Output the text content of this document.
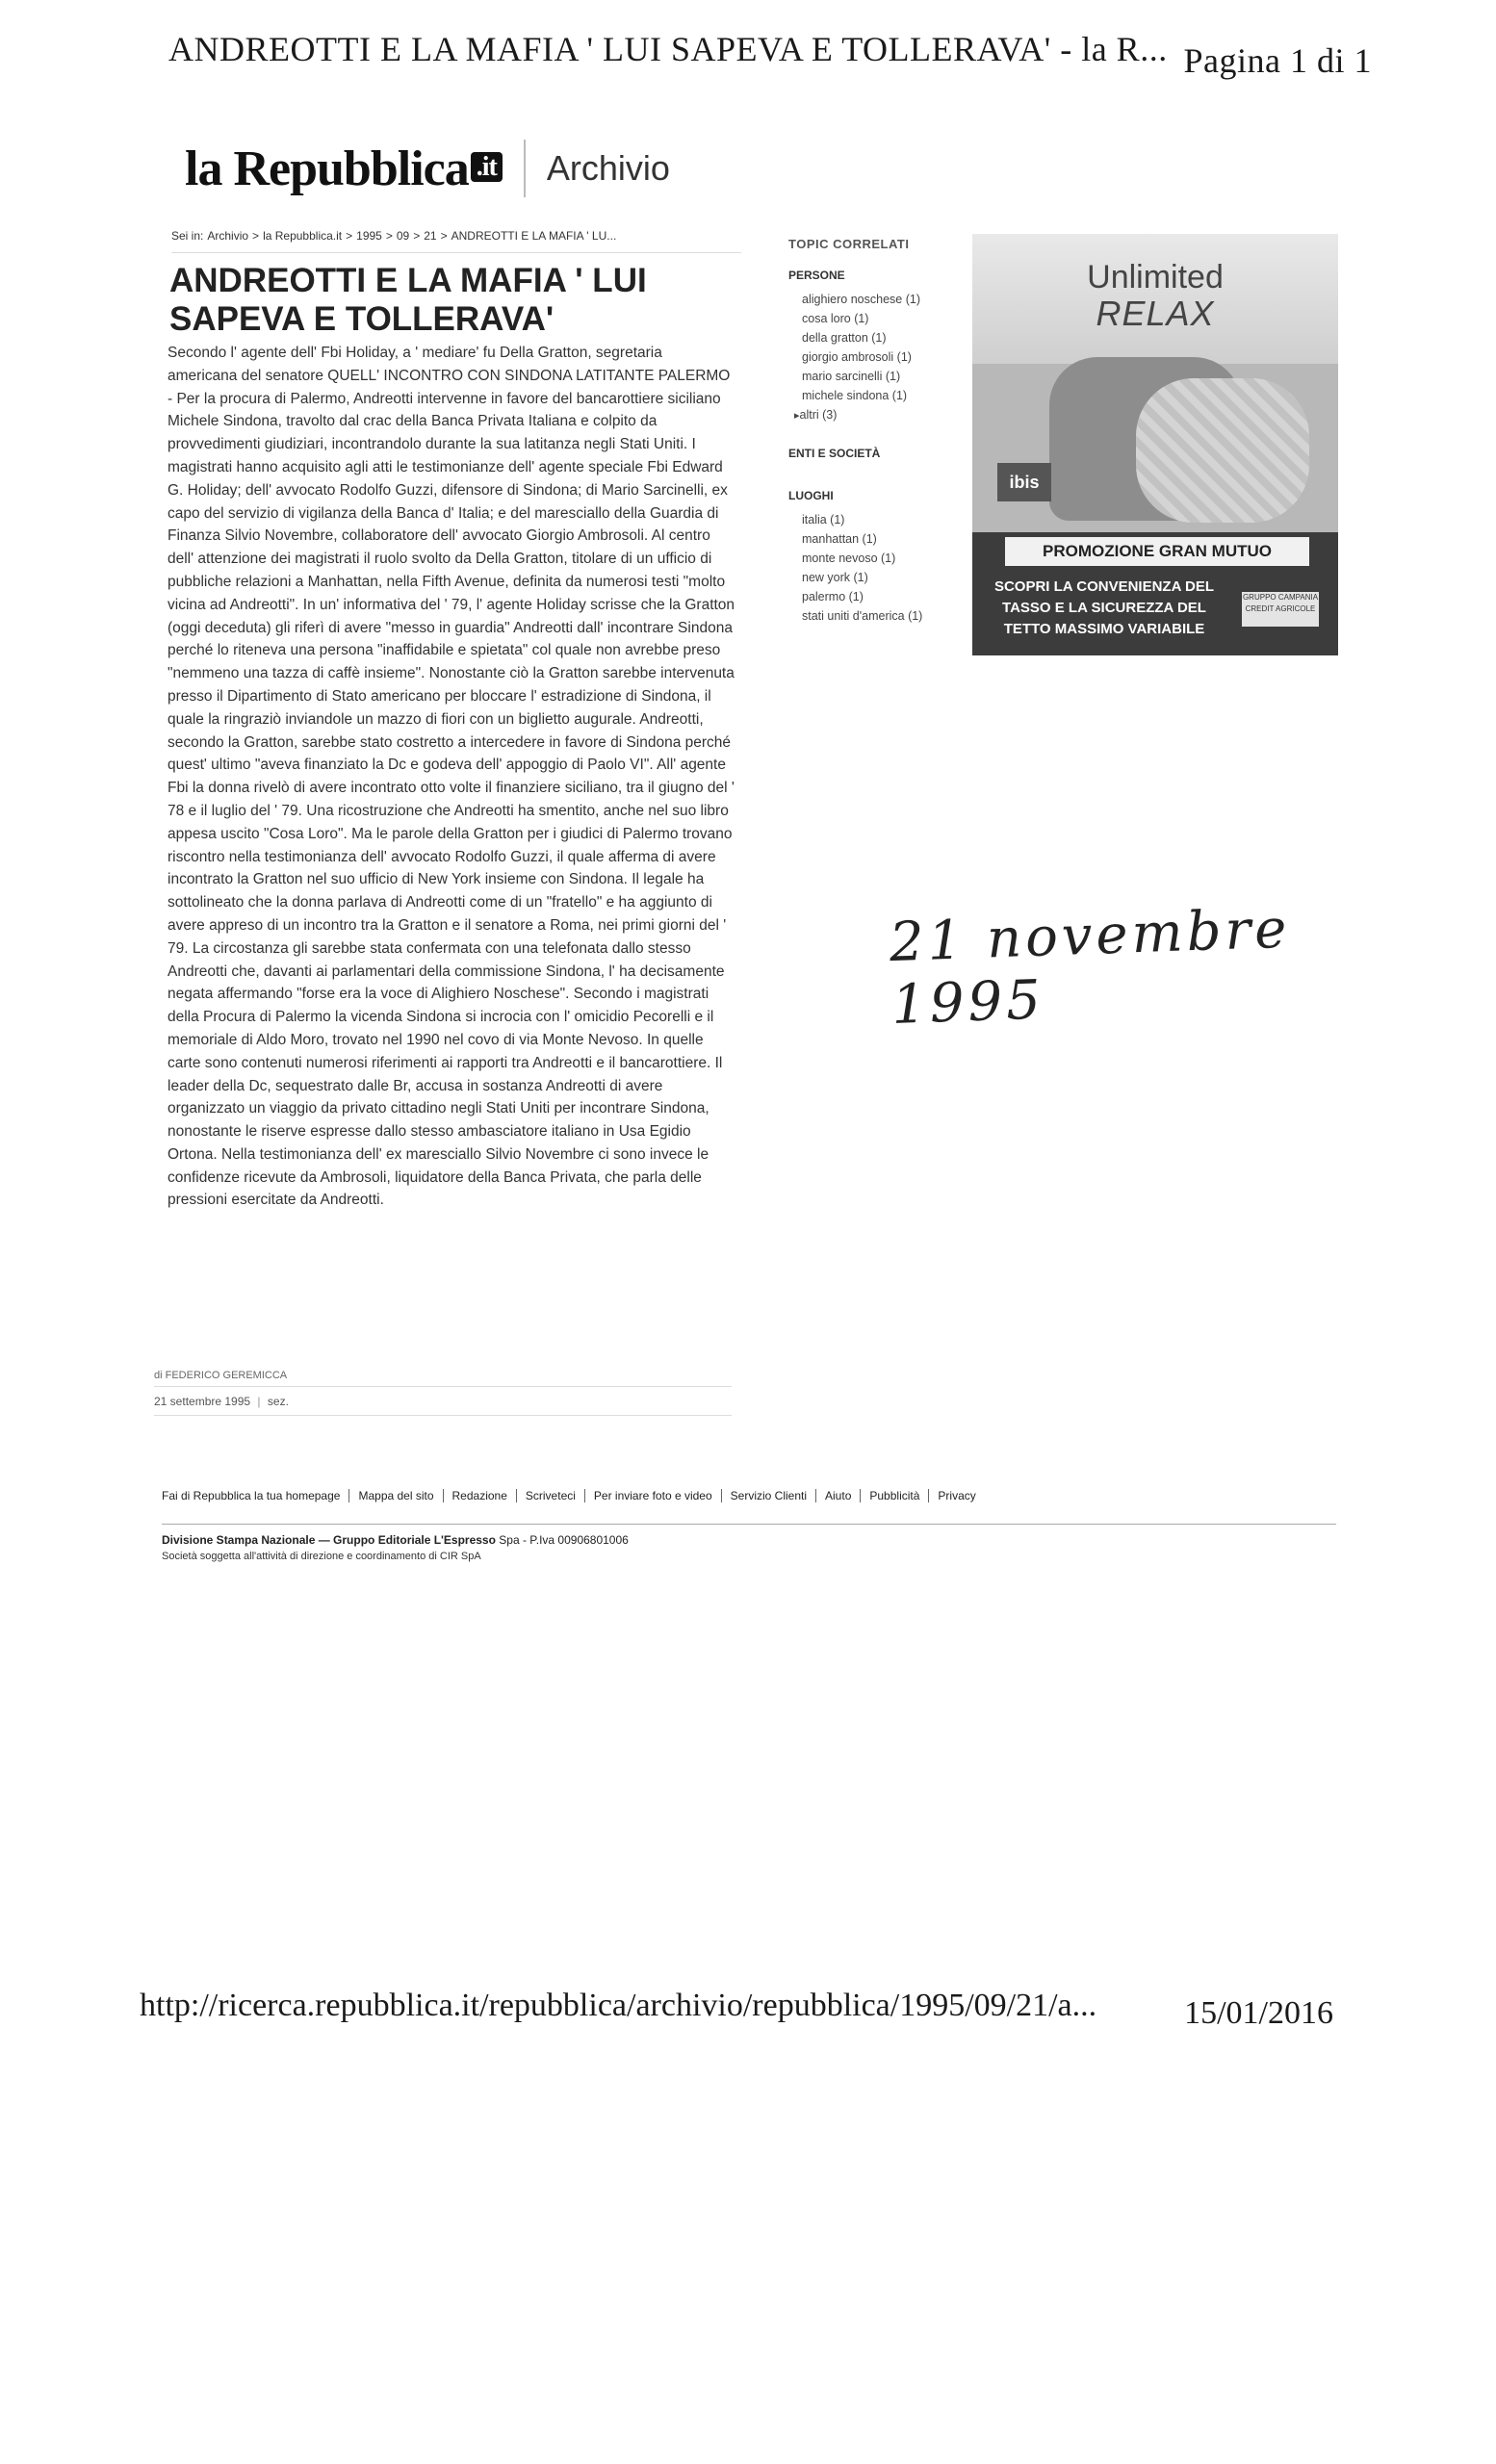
ANDREOTTI E LA MAFIA ' LUI SAPEVA E TOLLERAVA' - la R... Pagina 1 di 1
la Repubblica .it Archivio
Sei in: Archivio > la Repubblica.it > 1995 > 09 > 21 > ANDREOTTI E LA MAFIA ' LU...
ANDREOTTI E LA MAFIA ' LUI SAPEVA E TOLLERAVA'
Secondo l' agente dell' Fbi Holiday, a ' mediare' fu Della Gratton, segretaria americana del senatore QUELL' INCONTRO CON SINDONA LATITANTE PALERMO - Per la procura di Palermo, Andreotti intervenne in favore del bancarottiere siciliano Michele Sindona, travolto dal crac della Banca Privata Italiana e colpito da provvedimenti giudiziari, incontrandolo durante la sua latitanza negli Stati Uniti. I magistrati hanno acquisito agli atti le testimonianze dell' agente speciale Fbi Edward G. Holiday; dell' avvocato Rodolfo Guzzi, difensore di Sindona; di Mario Sarcinelli, ex capo del servizio di vigilanza della Banca d' Italia; e del maresciallo della Guardia di Finanza Silvio Novembre, collaboratore dell' avvocato Giorgio Ambrosoli. Al centro dell' attenzione dei magistrati il ruolo svolto da Della Gratton, titolare di un ufficio di pubbliche relazioni a Manhattan, nella Fifth Avenue, definita da numerosi testi "molto vicina ad Andreotti". In un' informativa del ' 79, l' agente Holiday scrisse che la Gratton (oggi deceduta) gli riferì di avere "messo in guardia" Andreotti dall' incontrare Sindona perché lo riteneva una persona "inaffidabile e spietata" col quale non avrebbe preso "nemmeno una tazza di caffè insieme". Nonostante ciò la Gratton sarebbe intervenuta presso il Dipartimento di Stato americano per bloccare l' estradizione di Sindona, il quale la ringraziò inviandole un mazzo di fiori con un biglietto augurale. Andreotti, secondo la Gratton, sarebbe stato costretto a intercedere in favore di Sindona perché quest' ultimo "aveva finanziato la Dc e godeva dell' appoggio di Paolo VI". All' agente Fbi la donna rivelò di avere incontrato otto volte il finanziere siciliano, tra il giugno del ' 78 e il luglio del ' 79. Una ricostruzione che Andreotti ha smentito, anche nel suo libro appesa uscito "Cosa Loro". Ma le parole della Gratton per i giudici di Palermo trovano riscontro nella testimonianza dell' avvocato Rodolfo Guzzi, il quale afferma di avere incontrato la Gratton nel suo ufficio di New York insieme con Sindona. Il legale ha sottolineato che la donna parlava di Andreotti come di un "fratello" e ha aggiunto di avere appreso di un incontro tra la Gratton e il senatore a Roma, nei primi giorni del ' 79. La circostanza gli sarebbe stata confermata con una telefonata dallo stesso Andreotti che, davanti ai parlamentari della commissione Sindona, l' ha decisamente negata affermando "forse era la voce di Alighiero Noschese". Secondo i magistrati della Procura di Palermo la vicenda Sindona si incrocia con l' omicidio Pecorelli e il memoriale di Aldo Moro, trovato nel 1990 nel covo di via Monte Nevoso. In quelle carte sono contenuti numerosi riferimenti ai rapporti tra Andreotti e il bancarottiere. Il leader della Dc, sequestrato dalle Br, accusa in sostanza Andreotti di avere organizzato un viaggio da privato cittadino negli Stati Uniti per incontrare Sindona, nonostante le riserve espresse dallo stesso ambasciatore italiano in Usa Egidio Ortona. Nella testimonianza dell' ex maresciallo Silvio Novembre ci sono invece le confidenze ricevute da Ambrosoli, liquidatore della Banca Privata, che parla delle pressioni esercitate da Andreotti.
di FEDERICO GEREMICCA
21 settembre 1995 | sez.
TOPIC CORRELATI
PERSONE
alighiero noschese (1)
cosa loro (1)
della gratton (1)
giorgio ambrosoli (1)
mario sarcinelli (1)
michele sindona (1)
▸ altri (3)
ENTI E SOCIETÀ
LUOGHI
italia (1)
manhattan (1)
monte nevoso (1)
new york (1)
palermo (1)
stati uniti d'america (1)
Unlimited
RELAX
ibis
PROMOZIONE GRAN MUTUO
SCOPRI LA CONVENIENZA DEL TASSO E LA SICUREZZA DEL TETTO MASSIMO VARIABILE
GRUPPO CAMPANIA CREDIT AGRICOLE
21 novembre 1995
Fai di Repubblica la tua homepage	Mappa del sito	Redazione	Scriveteci	Per inviare foto e video	Servizio Clienti	Aiuto	Pubblicità	Privacy
Divisione Stampa Nazionale — Gruppo Editoriale L'Espresso Spa - P.Iva 00906801006
Società soggetta all'attività di direzione e coordinamento di CIR SpA
http://ricerca.repubblica.it/repubblica/archivio/repubblica/1995/09/21/a...	15/01/2016
